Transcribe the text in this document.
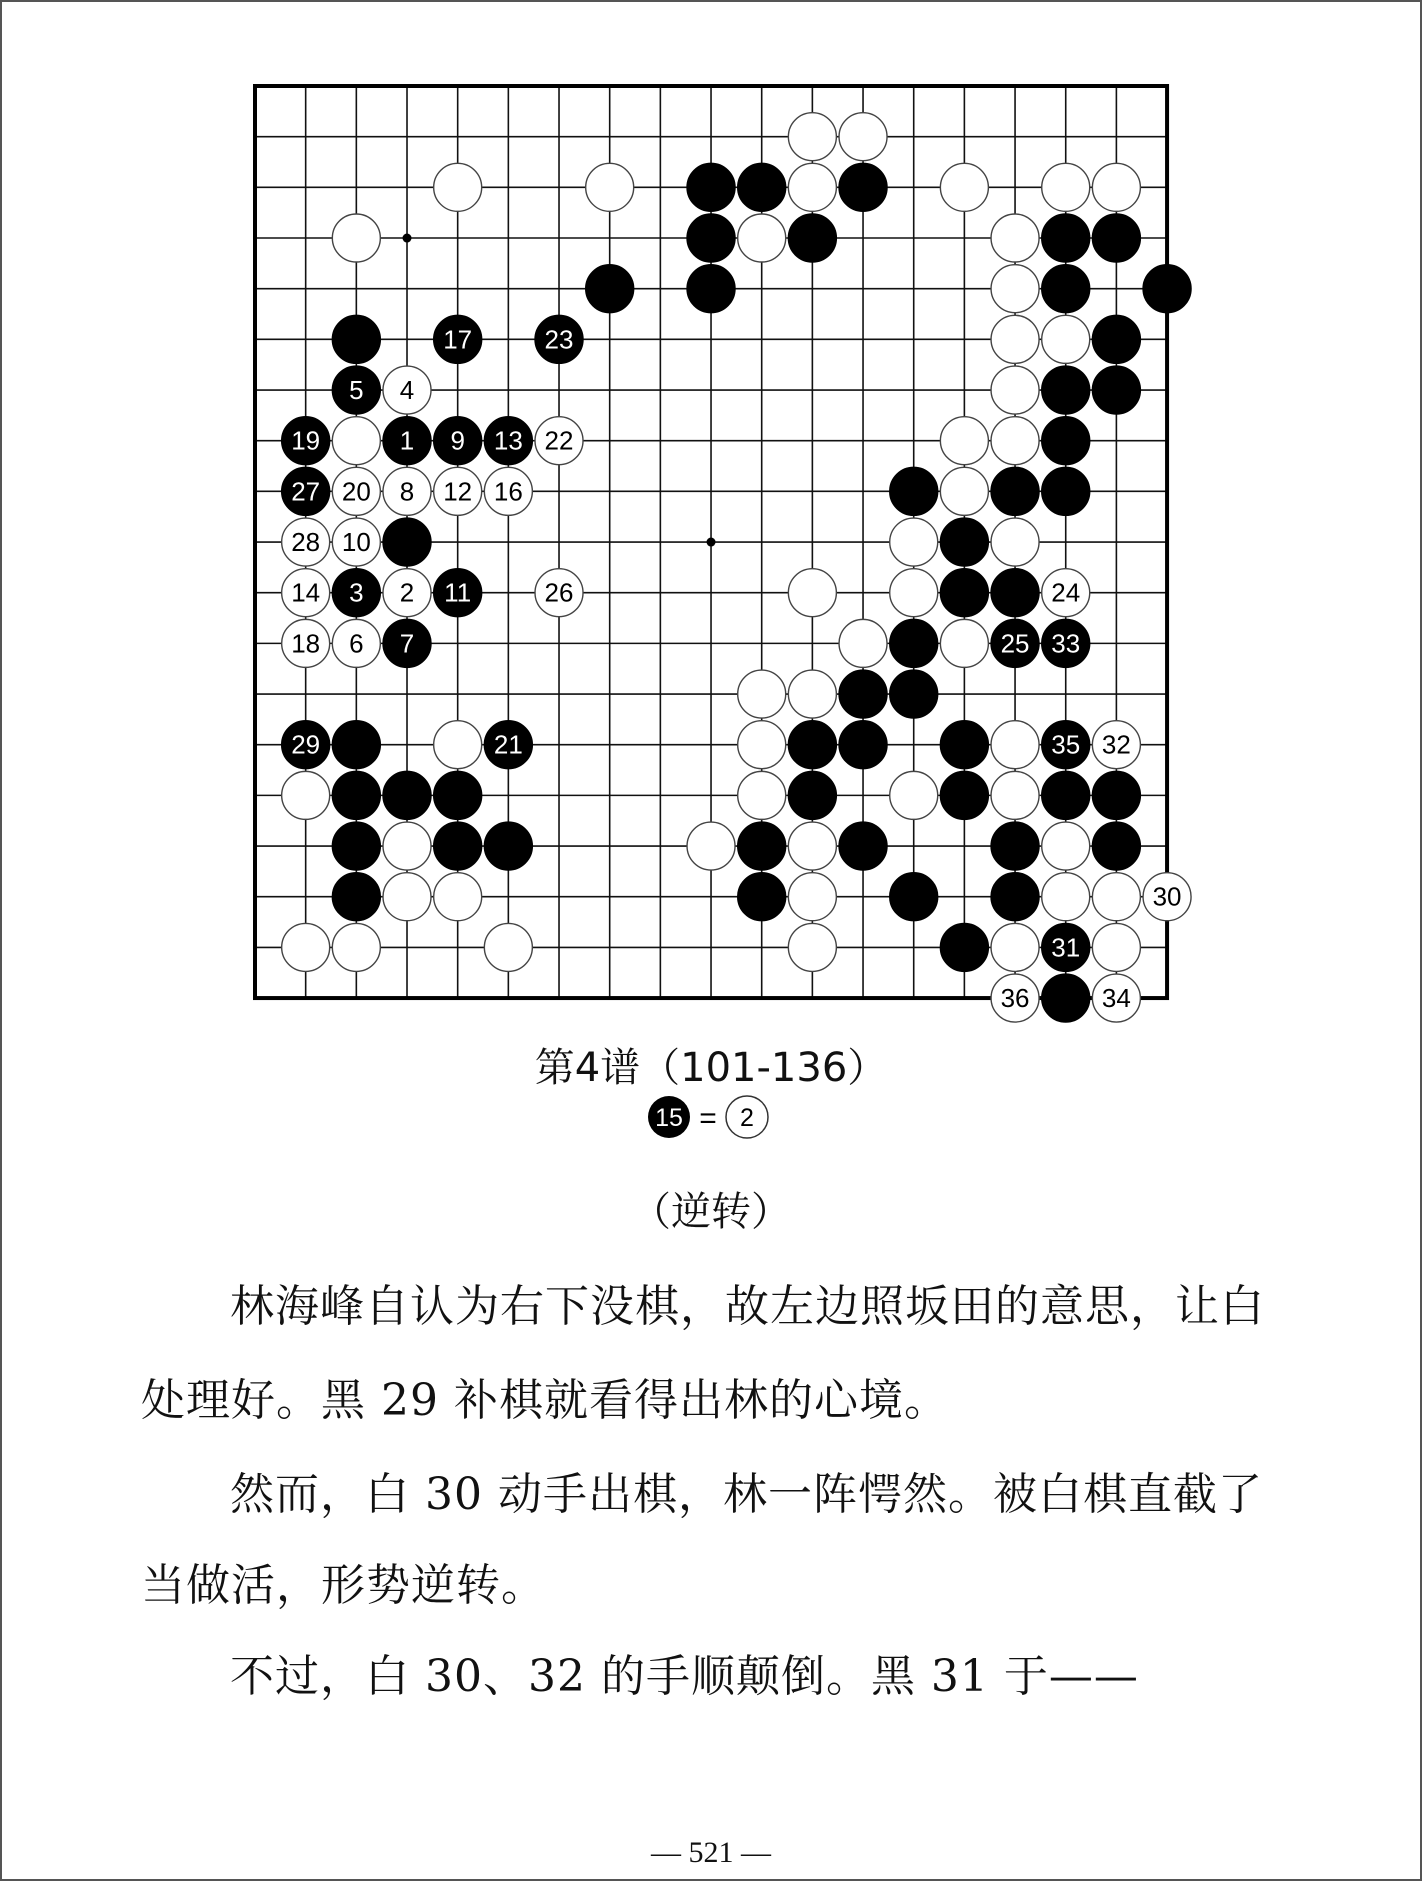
17	23
5 4
19	1 9 13 22
27 20 8 12 16
28 10
14 3 2 11	26	24
18 6 7	25 33
29	21	35 32
30
31
36	34
第4谱（101-136）
15 = 2
（逆转）
林海峰自认为右下没棋，故左边照坂田的意思，让白
处理好。黑 29 补棋就看得出林的心境。
然而，白 30 动手出棋，林一阵愕然。被白棋直截了
当做活，形势逆转。
不过，白 30、32 的手顺颠倒。黑 31 于——
— 521 —
